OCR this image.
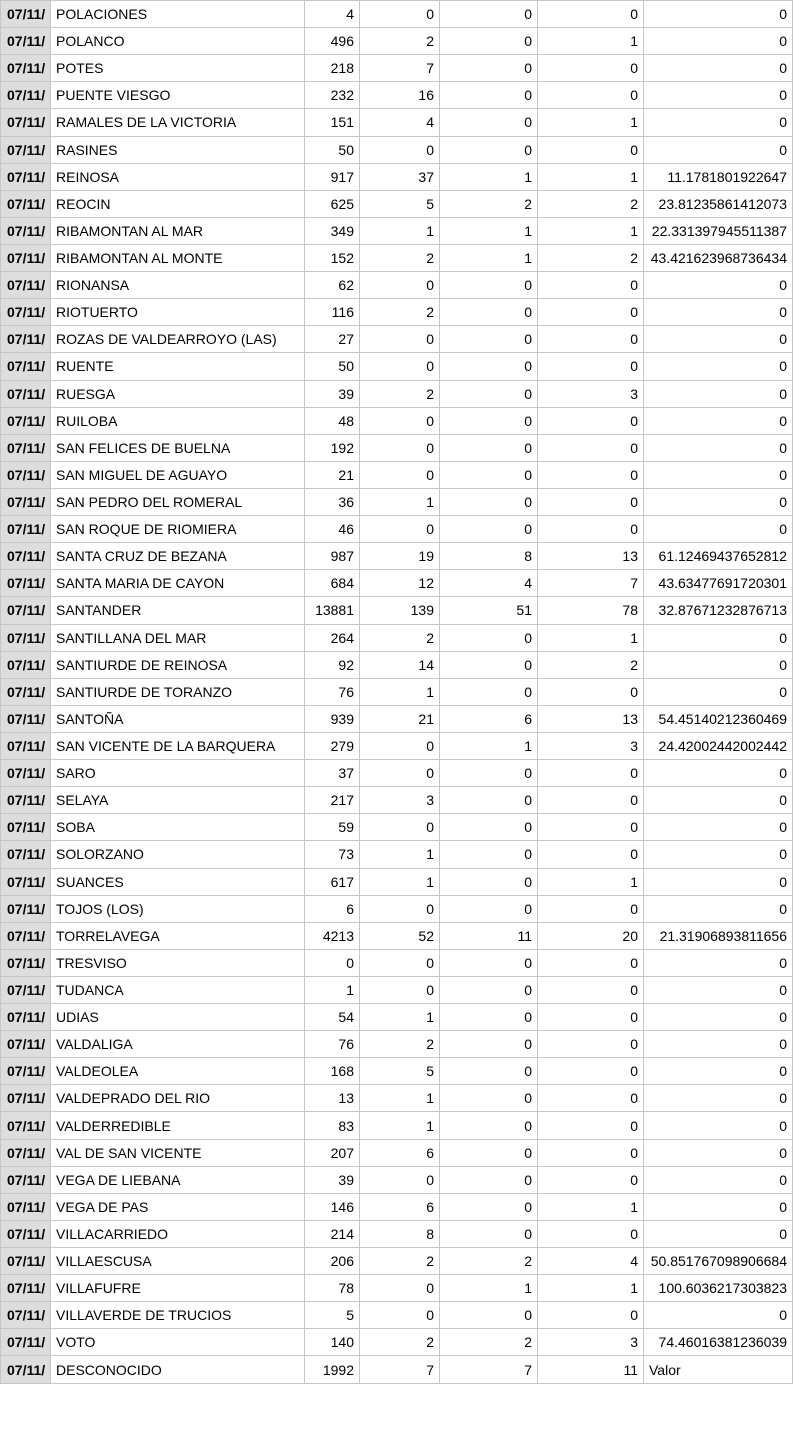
07/11/	POLACIONES	4	0	0	0	0
07/11/	POLANCO	496	2	0	1	0
07/11/	POTES	218	7	0	0	0
07/11/	PUENTE VIESGO	232	16	0	0	0
07/11/	RAMALES DE LA VICTORIA	151	4	0	1	0
07/11/	RASINES	50	0	0	0	0
07/11/	REINOSA	917	37	1	1	11.1781801922647
07/11/	REOCIN	625	5	2	2	23.81235861412073
07/11/	RIBAMONTAN AL MAR	349	1	1	1	22.331397945511387
07/11/	RIBAMONTAN AL MONTE	152	2	1	2	43.421623968736434
07/11/	RIONANSA	62	0	0	0	0
07/11/	RIOTUERTO	116	2	0	0	0
07/11/	ROZAS DE VALDEARROYO (LAS)	27	0	0	0	0
07/11/	RUENTE	50	0	0	0	0
07/11/	RUESGA	39	2	0	3	0
07/11/	RUILOBA	48	0	0	0	0
07/11/	SAN FELICES DE BUELNA	192	0	0	0	0
07/11/	SAN MIGUEL DE AGUAYO	21	0	0	0	0
07/11/	SAN PEDRO DEL ROMERAL	36	1	0	0	0
07/11/	SAN ROQUE DE RIOMIERA	46	0	0	0	0
07/11/	SANTA CRUZ DE BEZANA	987	19	8	13	61.12469437652812
07/11/	SANTA MARIA DE CAYON	684	12	4	7	43.63477691720301
07/11/	SANTANDER	13881	139	51	78	32.87671232876713
07/11/	SANTILLANA DEL MAR	264	2	0	1	0
07/11/	SANTIURDE DE REINOSA	92	14	0	2	0
07/11/	SANTIURDE DE TORANZO	76	1	0	0	0
07/11/	SANTOÑA	939	21	6	13	54.45140212360469
07/11/	SAN VICENTE DE LA BARQUERA	279	0	1	3	24.42002442002442
07/11/	SARO	37	0	0	0	0
07/11/	SELAYA	217	3	0	0	0
07/11/	SOBA	59	0	0	0	0
07/11/	SOLORZANO	73	1	0	0	0
07/11/	SUANCES	617	1	0	1	0
07/11/	TOJOS (LOS)	6	0	0	0	0
07/11/	TORRELAVEGA	4213	52	11	20	21.31906893811656
07/11/	TRESVISO	0	0	0	0	0
07/11/	TUDANCA	1	0	0	0	0
07/11/	UDIAS	54	1	0	0	0
07/11/	VALDALIGA	76	2	0	0	0
07/11/	VALDEOLEA	168	5	0	0	0
07/11/	VALDEPRADO DEL RIO	13	1	0	0	0
07/11/	VALDERREDIBLE	83	1	0	0	0
07/11/	VAL DE SAN VICENTE	207	6	0	0	0
07/11/	VEGA DE LIEBANA	39	0	0	0	0
07/11/	VEGA DE PAS	146	6	0	1	0
07/11/	VILLACARRIEDO	214	8	0	0	0
07/11/	VILLAESCUSA	206	2	2	4	50.851767098906684
07/11/	VILLAFUFRE	78	0	1	1	100.6036217303823
07/11/	VILLAVERDE DE TRUCIOS	5	0	0	0	0
07/11/	VOTO	140	2	2	3	74.46016381236039
07/11/	DESCONOCIDO	1992	7	7	11	Valor
